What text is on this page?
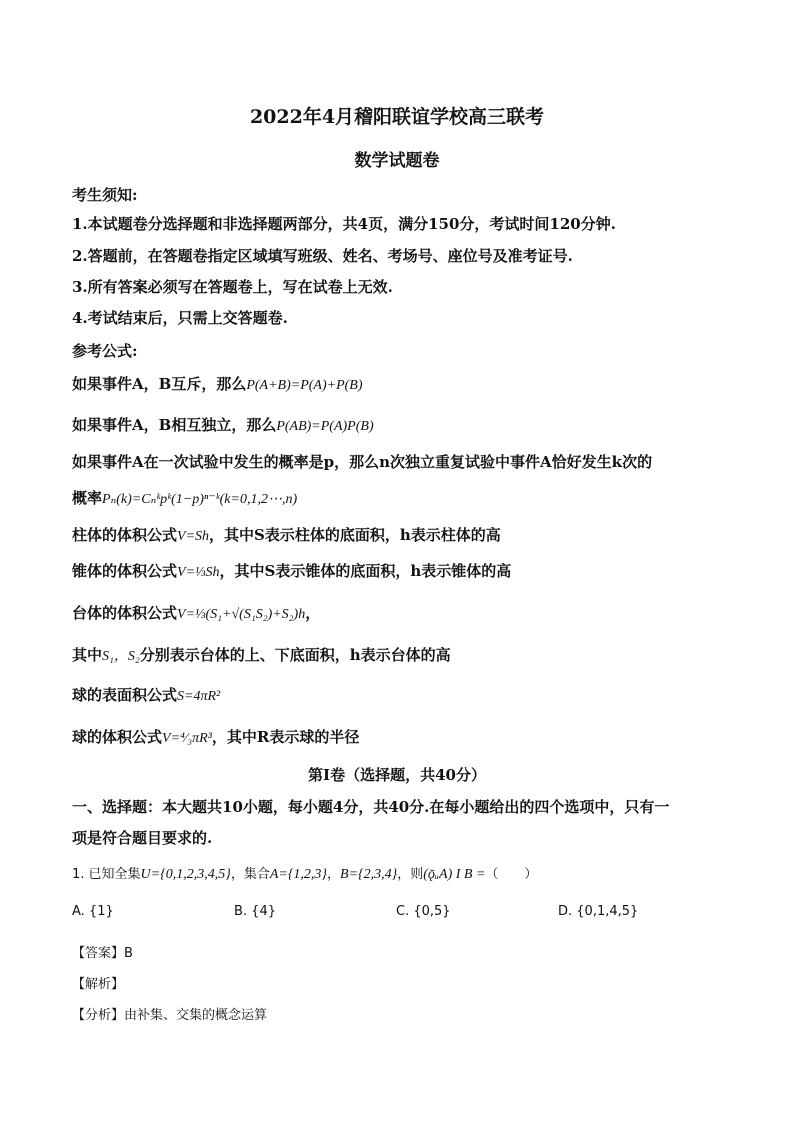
2022年4月稽阳联谊学校高三联考
数学试题卷
考生须知:
1.本试题卷分选择题和非选择题两部分，共4页，满分150分，考试时间120分钟.
2.答题前，在答题卷指定区域填写班级、姓名、考场号、座位号及准考证号.
3.所有答案必须写在答题卷上，写在试卷上无效.
4.考试结束后，只需上交答题卷.
参考公式:
如果事件A，B互斥，那么P(A+B)=P(A)+P(B)
如果事件A，B相互独立，那么P(AB)=P(A)P(B)
如果事件A在一次试验中发生的概率是p，那么n次独立重复试验中事件A恰好发生k次的
概率Pₙ(k)=Cₙᵏpᵏ(1−p)ⁿ⁻ᵏ(k=0,1,2⋯,n)
柱体的体积公式V=Sh，其中S表示柱体的底面积，h表示柱体的高
锥体的体积公式V=⅓Sh，其中S表示锥体的底面积，h表示锥体的高
台体的体积公式V=⅓(S₁+√(S₁S₂)+S₂)h，
其中S₁，S₂分别表示台体的上、下底面积，h表示台体的高
球的表面积公式S=4πR²
球的体积公式V=⁴⁄₃πR³，其中R表示球的半径
第Ⅰ卷（选择题，共40分）
一、选择题：本大题共10小题，每小题4分，共40分.在每小题给出的四个选项中，只有一
项是符合题目要求的.
1. 已知全集U={0,1,2,3,4,5}，集合A={1,2,3}，B={2,3,4}，则(ǭᵤA) I B =（　　）
A. {1}	B. {4}	C. {0,5}	D. {0,1,4,5}
【答案】B
【解析】
【分析】由补集、交集的概念运算
